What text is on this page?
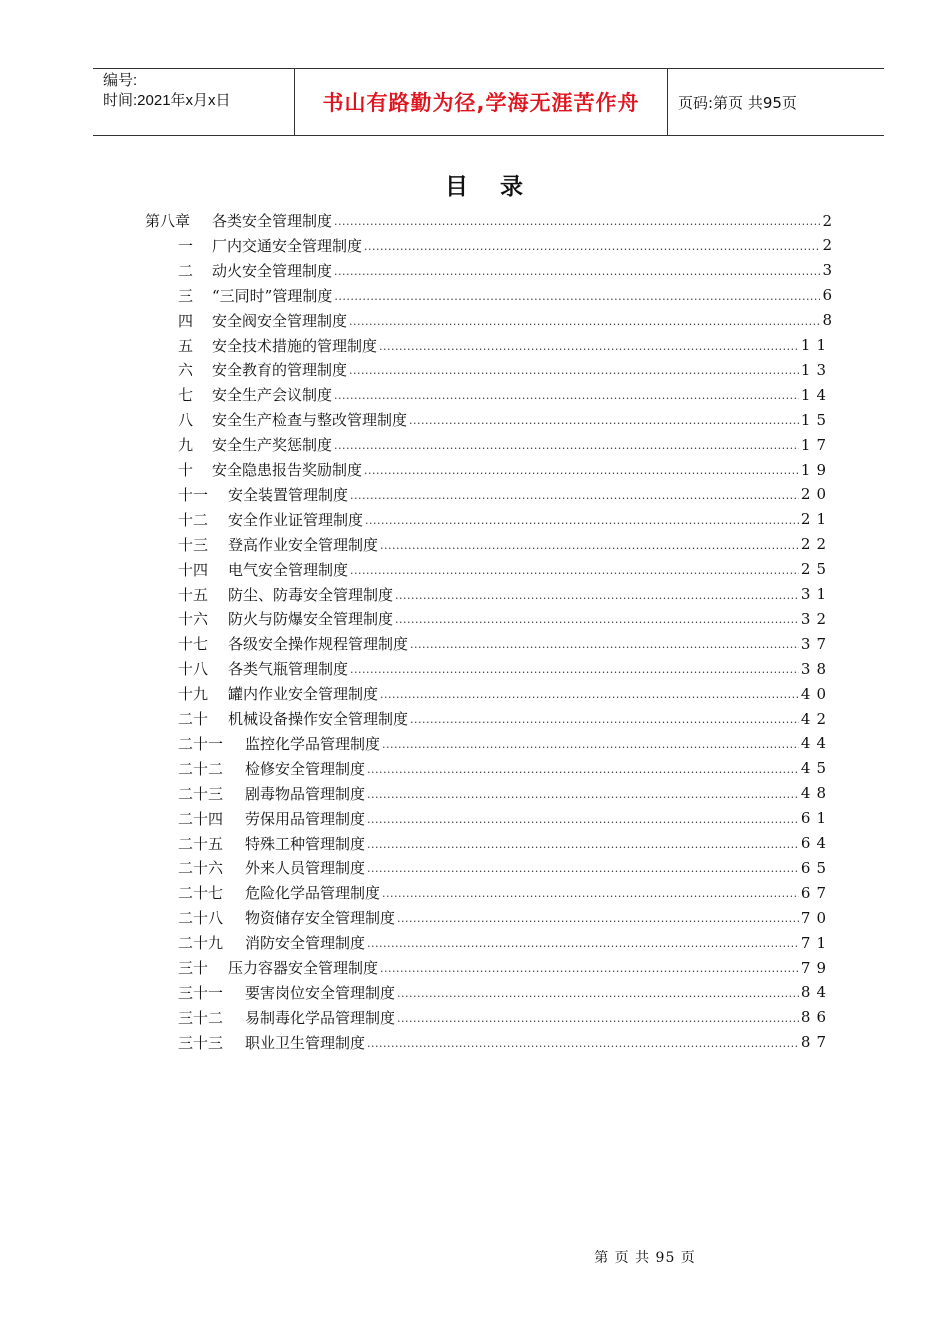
编号:
时间:2021年x月x日	书山有路勤为径,学海无涯苦作舟	页码:第页 共95页
目 录
第八章	各类安全管理制度 .....	2
一	厂内交通安全管理制度 .....	2
二	动火安全管理制度 .....	3
三	“三同时”管理制度 .....	6
四	安全阀安全管理制度 .....	8
五	安全技术措施的管理制度 .....	11
六	安全教育的管理制度 .....	13
七	安全生产会议制度 .....	14
八	安全生产检查与整改管理制度 .....	15
九	安全生产奖惩制度 .....	17
十	安全隐患报告奖励制度 .....	19
十一	安全装置管理制度 .....	20
十二	安全作业证管理制度 .....	21
十三	登高作业安全管理制度 .....	22
十四	电气安全管理制度 .....	25
十五	防尘、防毒安全管理制度 .....	31
十六	防火与防爆安全管理制度 .....	32
十七	各级安全操作规程管理制度 .....	37
十八	各类气瓶管理制度 .....	38
十九	罐内作业安全管理制度 .....	40
二十	机械设备操作安全管理制度 .....	42
二十一	监控化学品管理制度 .....	44
二十二	检修安全管理制度 .....	45
二十三	剧毒物品管理制度 .....	48
二十四	劳保用品管理制度 .....	61
二十五	特殊工种管理制度 .....	64
二十六	外来人员管理制度 .....	65
二十七	危险化学品管理制度 .....	67
二十八	物资储存安全管理制度 .....	70
二十九	消防安全管理制度 .....	71
三十	压力容器安全管理制度 .....	79
三十一	要害岗位安全管理制度 .....	84
三十二	易制毒化学品管理制度 .....	86
三十三	职业卫生管理制度 .....	87
第 页 共 95 页
